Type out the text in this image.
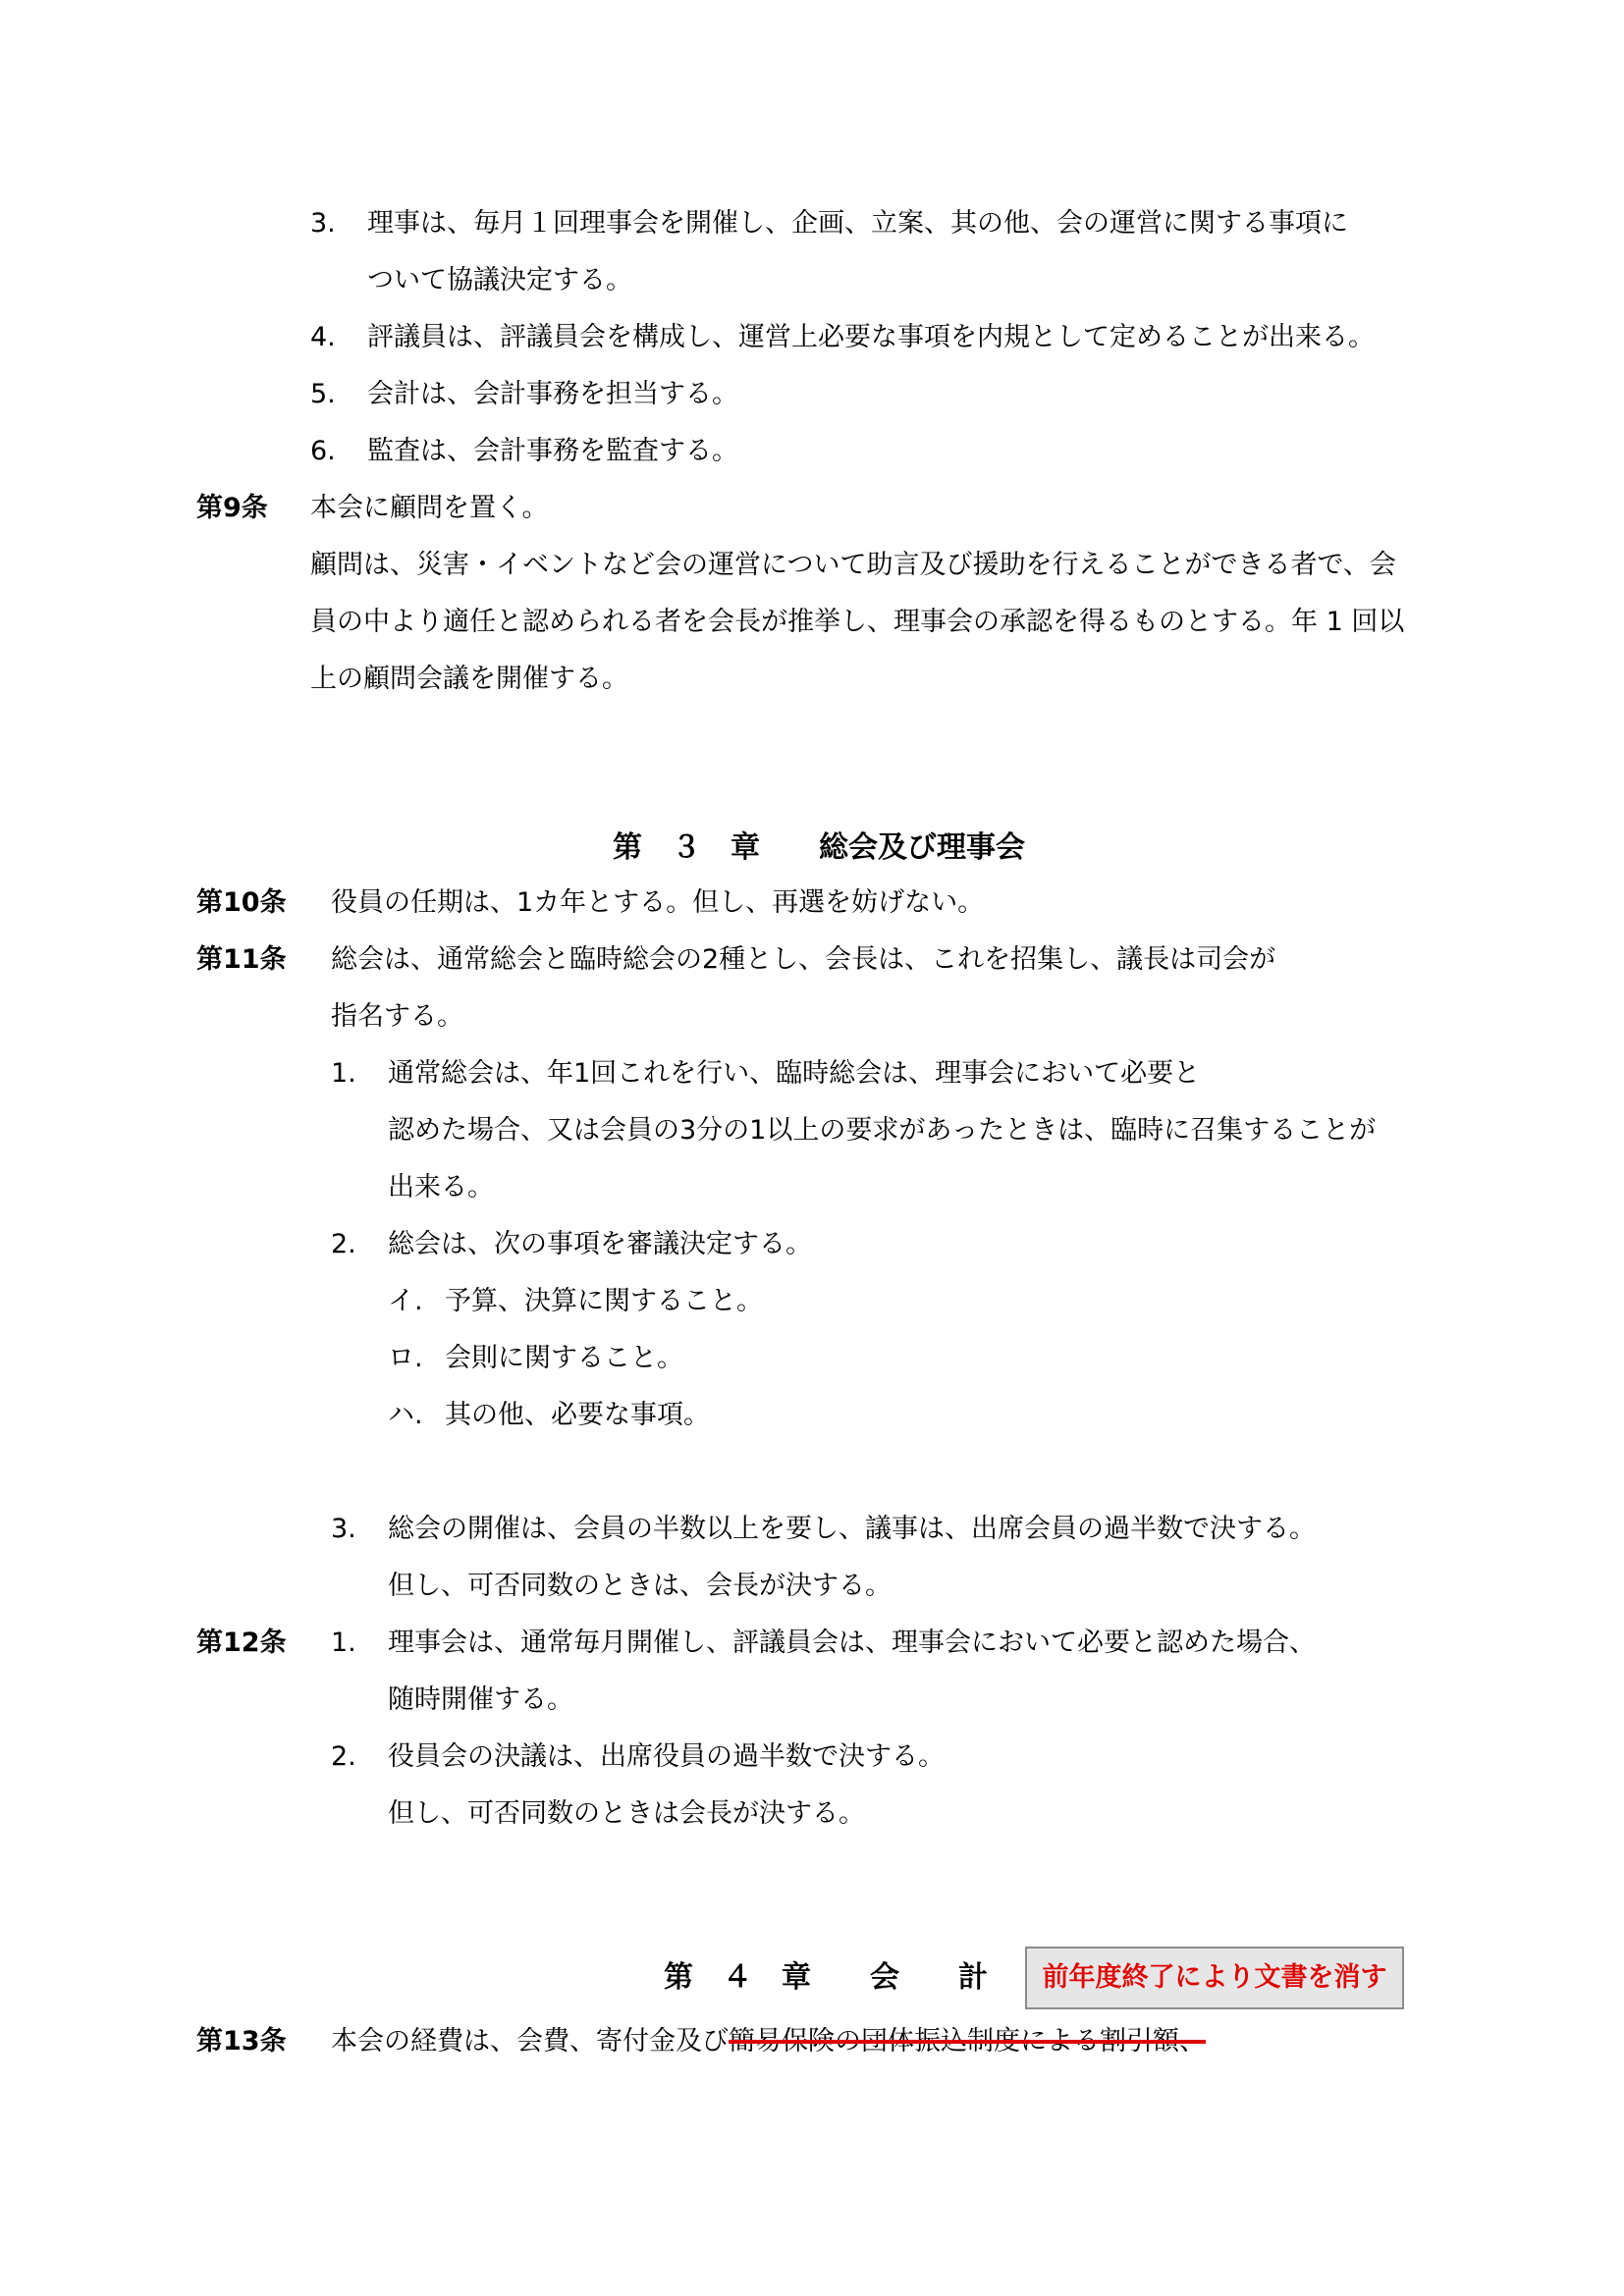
3. 理事は、毎月１回理事会を開催し、企画、立案、其の他、会の運営に関する事項に
ついて協議決定する。
4. 評議員は、評議員会を構成し、運営上必要な事項を内規として定めることが出来る。
5. 会計は、会計事務を担当する。
6. 監査は、会計事務を監査する。
第9条 本会に顧問を置く。
顧問は、災害・イベントなど会の運営について助言及び援助を行えることができる者で、会
員の中より適任と認められる者を会長が推挙し、理事会の承認を得るものとする。年 1 回以
上の顧問会議を開催する。
第　３　章　　総会及び理事会
第10条 役員の任期は、1カ年とする。但し、再選を妨げない。
第11条 総会は、通常総会と臨時総会の2種とし、会長は、これを招集し、議長は司会が
指名する。
1. 通常総会は、年1回これを行い、臨時総会は、理事会において必要と
認めた場合、又は会員の3分の1以上の要求があったときは、臨時に召集することが
出来る。
2. 総会は、次の事項を審議決定する。
イ. 予算、決算に関すること。
ロ. 会則に関すること。
ハ. 其の他、必要な事項。
3. 総会の開催は、会員の半数以上を要し、議事は、出席会員の過半数で決する。
但し、可否同数のときは、会長が決する。
第12条 1. 理事会は、通常毎月開催し、評議員会は、理事会において必要と認めた場合、
随時開催する。
2. 役員会の決議は、出席役員の過半数で決する。
但し、可否同数のときは会長が決する。
第　４　章　　会　　計	前年度終了により文書を消す
第13条 本会の経費は、会費、寄付金及び簡易保険の団体振込制度による割引額、
